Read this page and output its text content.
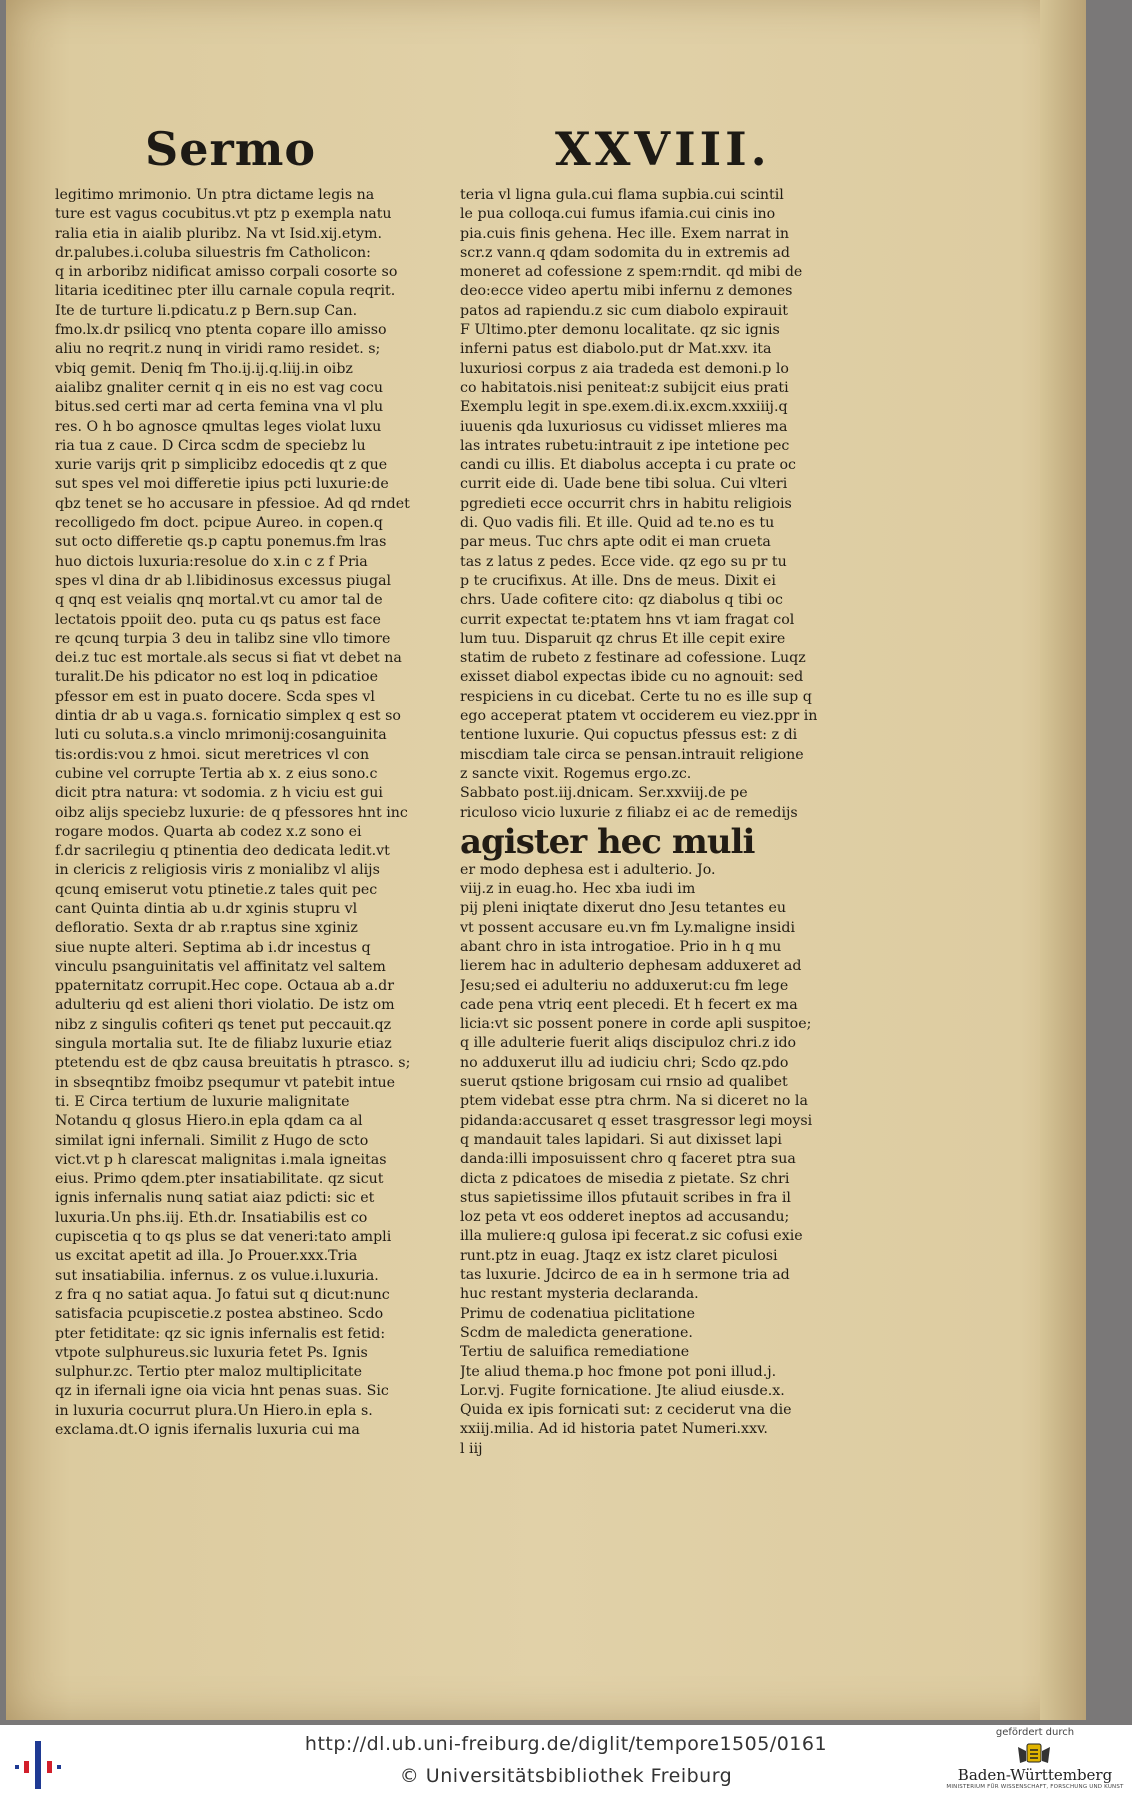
Sermo	XXVIII.
legitimo mrimonio. Un ptra dictame legis na
ture est vagus cocubitus.vt ptz p exempla natu
ralia etia in aialib pluribz. Na vt Isid.xij.etym.
dr.palubes.i.coluba siluestris fm Catholicon:
q in arboribz nidificat amisso corpali cosorte so
litaria iceditinec pter illu carnale copula reqrit.
Ite de turture li.pdicatu.z p Bern.sup Can.
fmo.lx.dr psilicq vno ptenta copare illo amisso
aliu no reqrit.z nunq in viridi ramo residet. s;
vbiq gemit. Deniq fm Tho.ij.ij.q.liij.in oibz
aialibz gnaliter cernit q in eis no est vag cocu
bitus.sed certi mar ad certa femina vna vl plu
res. O h bo agnosce qmultas leges violat luxu
ria tua z caue. D Circa scdm de speciebz lu
xurie varijs qrit p simplicibz edocedis qt z que
sut spes vel moi differetie ipius pcti luxurie:de
qbz tenet se ho accusare in pfessioe. Ad qd rndet
recolligedo fm doct. pcipue Aureo. in copen.q
sut octo differetie qs.p captu ponemus.fm lras
huo dictois luxuria:resolue do x.in c z f Pria
spes vl dina dr ab l.libidinosus excessus piugal
q qnq est veialis qnq mortal.vt cu amor tal de
lectatois ppoiit deo. puta cu qs patus est face
re qcunq turpia 3 deu in talibz sine vllo timore
dei.z tuc est mortale.als secus si fiat vt debet na
turalit.De his pdicator no est loq in pdicatioe
pfessor em est in puato docere. Scda spes vl
dintia dr ab u vaga.s. fornicatio simplex q est so
luti cu soluta.s.a vinclo mrimonij:cosanguinita
tis:ordis:vou z hmoi. sicut meretrices vl con
cubine vel corrupte Tertia ab x. z eius sono.c
dicit ptra natura: vt sodomia. z h viciu est gui
oibz alijs speciebz luxurie: de q pfessores hnt inc
rogare modos. Quarta ab codez x.z sono ei
f.dr sacrilegiu q ptinentia deo dedicata ledit.vt
in clericis z religiosis viris z monialibz vl alijs
qcunq emiserut votu ptinetie.z tales quit pec
cant Quinta dintia ab u.dr xginis stupru vl
defloratio. Sexta dr ab r.raptus sine xginiz
siue nupte alteri. Septima ab i.dr incestus q
vinculu psanguinitatis vel affinitatz vel saltem
ppaternitatz corrupit.Hec cope. Octaua ab a.dr
adulteriu qd est alieni thori violatio. De istz om
nibz z singulis cofiteri qs tenet put peccauit.qz
singula mortalia sut. Ite de filiabz luxurie etiaz
ptetendu est de qbz causa breuitatis h ptrasco. s;
in sbseqntibz fmoibz psequmur vt patebit intue
ti. E Circa tertium de luxurie malignitate
Notandu q glosus Hiero.in epla qdam ca al
similat igni infernali. Similit z Hugo de scto
vict.vt p h clarescat malignitas i.mala igneitas
eius. Primo qdem.pter insatiabilitate. qz sicut
ignis infernalis nunq satiat aiaz pdicti: sic et
luxuria.Un phs.iij. Eth.dr. Insatiabilis est co
cupiscetia q to qs plus se dat veneri:tato ampli
us excitat apetit ad illa. Jo Prouer.xxx.Tria
sut insatiabilia. infernus. z os vulue.i.luxuria.
z fra q no satiat aqua. Jo fatui sut q dicut:nunc
satisfacia pcupiscetie.z postea abstineo. Scdo
pter fetiditate: qz sic ignis infernalis est fetid:
vtpote sulphureus.sic luxuria fetet Ps. Ignis
sulphur.zc. Tertio pter maloz multiplicitate
qz in ifernali igne oia vicia hnt penas suas. Sic
in luxuria cocurrut plura.Un Hiero.in epla s.
exclama.dt.O ignis ifernalis luxuria cui ma
teria vl ligna gula.cui flama supbia.cui scintil
le pua colloqa.cui fumus ifamia.cui cinis ino
pia.cuis finis gehena. Hec ille. Exem narrat in
scr.z vann.q qdam sodomita du in extremis ad
moneret ad cofessione z spem:rndit. qd mibi de
deo:ecce video apertu mibi infernu z demones
patos ad rapiendu.z sic cum diabolo expirauit
F Ultimo.pter demonu localitate. qz sic ignis
inferni patus est diabolo.put dr Mat.xxv. ita
luxuriosi corpus z aia tradeda est demoni.p lo
co habitatois.nisi peniteat:z subijcit eius prati
Exemplu legit in spe.exem.di.ix.excm.xxxiiij.q
iuuenis qda luxuriosus cu vidisset mlieres ma
las intrates rubetu:intrauit z ipe intetione pec
candi cu illis. Et diabolus accepta i cu prate oc
currit eide di. Uade bene tibi solua. Cui vlteri
pgredieti ecce occurrit chrs in habitu religiois
di. Quo vadis fili. Et ille. Quid ad te.no es tu
par meus. Tuc chrs apte odit ei man crueta
tas z latus z pedes. Ecce vide. qz ego su pr tu
p te crucifixus. At ille. Dns de meus. Dixit ei
chrs. Uade cofitere cito: qz diabolus q tibi oc
currit expectat te:ptatem hns vt iam fragat col
lum tuu. Disparuit qz chrus Et ille cepit exire
statim de rubeto z festinare ad cofessione. Luqz
exisset diabol expectas ibide cu no agnouit: sed
respiciens in cu dicebat. Certe tu no es ille sup q
ego acceperat ptatem vt occiderem eu viez.ppr in
tentione luxurie. Qui copuctus pfessus est: z di
miscdiam tale circa se pensan.intrauit religione
z sancte vixit. Rogemus ergo.zc.
Sabbato post.iij.dnicam. Ser.xxviij.de pe
riculoso vicio luxurie z filiabz ei ac de remedijs
agister hec muli
er modo dephesa est i adulterio. Jo.
viij.z in euag.ho. Hec xba iudi im
pij pleni iniqtate dixerut dno Jesu tetantes eu
vt possent accusare eu.vn fm Ly.maligne insidi
abant chro in ista introgatioe. Prio in h q mu
lierem hac in adulterio dephesam adduxeret ad
Jesu;sed ei adulteriu no adduxerut:cu fm lege
cade pena vtriq eent plecedi. Et h fecert ex ma
licia:vt sic possent ponere in corde apli suspitoe;
q ille adulterie fuerit aliqs discipuloz chri.z ido
no adduxerut illu ad iudiciu chri; Scdo qz.pdo
suerut qstione brigosam cui rnsio ad qualibet
ptem videbat esse ptra chrm. Na si diceret no la
pidanda:accusaret q esset trasgressor legi moysi
q mandauit tales lapidari. Si aut dixisset lapi
danda:illi imposuissent chro q faceret ptra sua
dicta z pdicatoes de misedia z pietate. Sz chri
stus sapietissime illos pfutauit scribes in fra il
loz peta vt eos odderet ineptos ad accusandu;
illa muliere:q gulosa ipi fecerat.z sic cofusi exie
runt.ptz in euag. Jtaqz ex istz claret piculosi
tas luxurie. Jdcirco de ea in h sermone tria ad
huc restant mysteria declaranda.
Primu de codenatiua piclitatione
Scdm de maledicta generatione.
Tertiu de saluifica remediatione
Jte aliud thema.p hoc fmone pot poni illud.j.
Lor.vj. Fugite fornicatione. Jte aliud eiusde.x.
Quida ex ipis fornicati sut: z ceciderut vna die
xxiij.milia. Ad id historia patet Numeri.xxv.
l iij
http://dl.ub.uni-freiburg.de/diglit/tempore1505/0161
© Universitätsbibliothek Freiburg
gefördert durch
Baden-Württemberg
MINISTERIUM FÜR WISSENSCHAFT, FORSCHUNG UND KUNST
